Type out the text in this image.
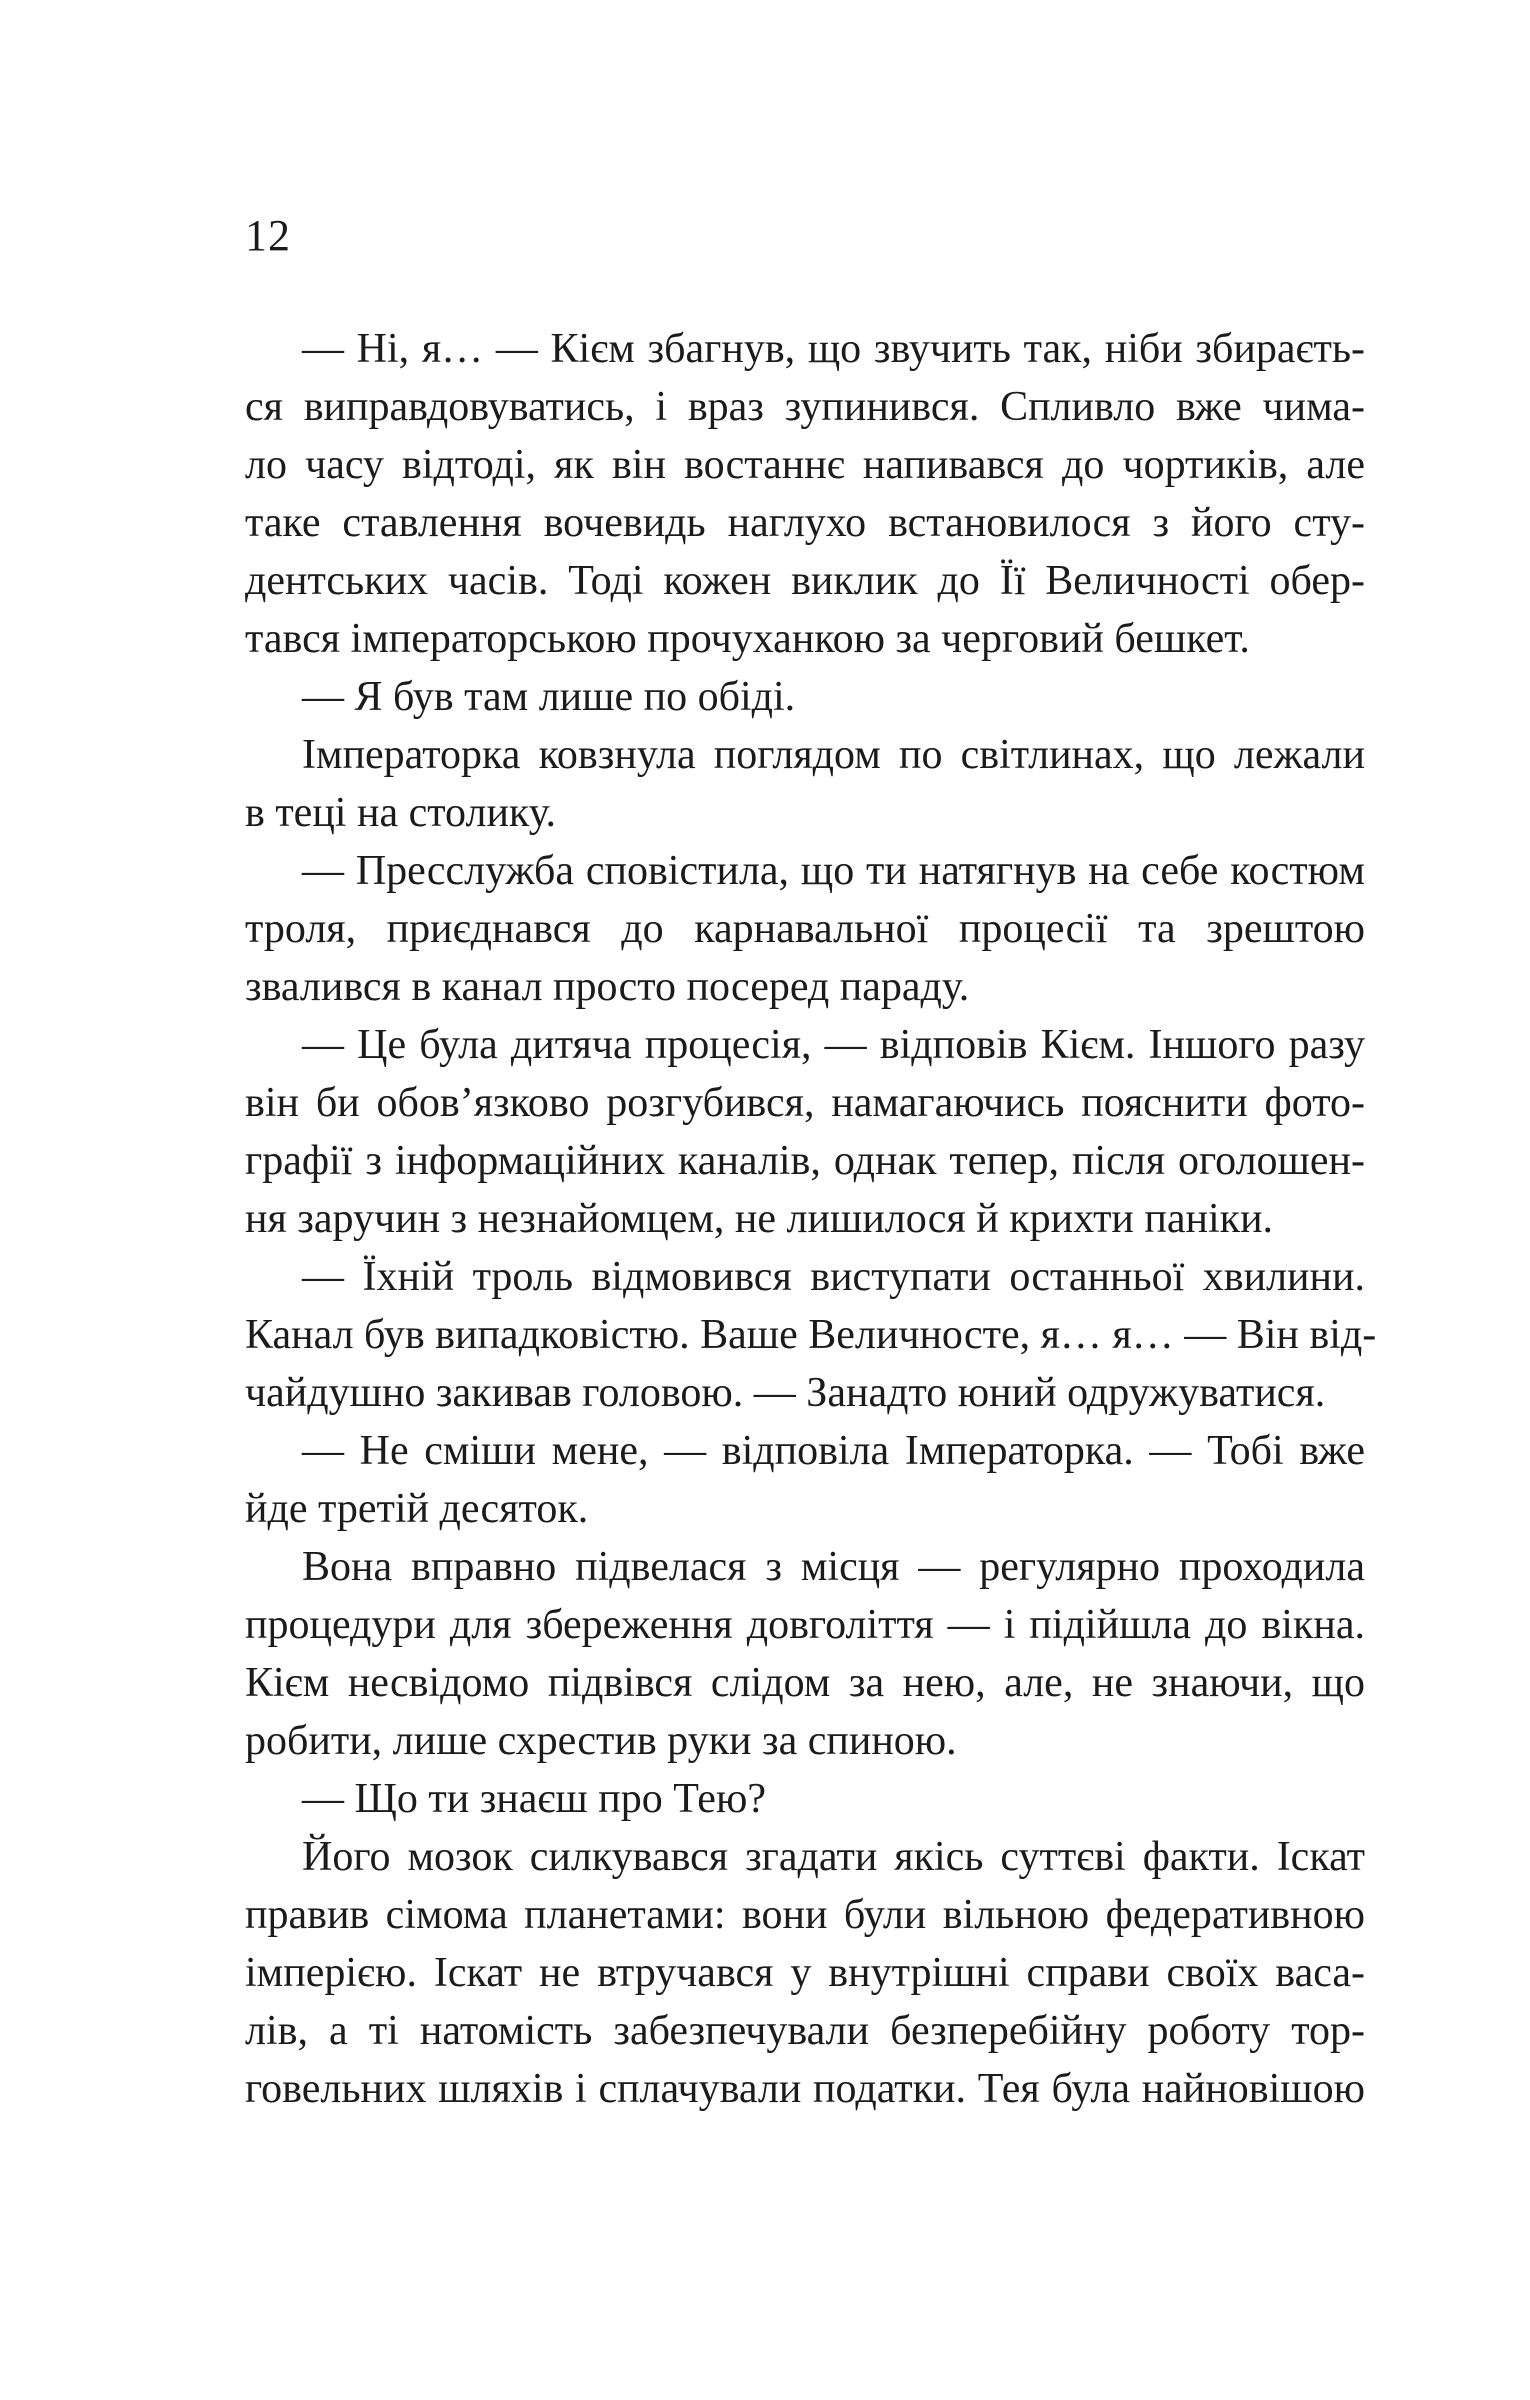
12
— Ні, я… — Кієм збагнув, що звучить так, ніби збираєть-
ся виправдовуватись, і враз зупинився. Спливло вже чима-
ло часу відтоді, як він востаннє напивався до чортиків, але
таке ставлення вочевидь наглухо встановилося з його сту-
дентських часів. Тоді кожен виклик до Її Величності обер-
тався імператорською прочуханкою за черговий бешкет.
— Я був там лише по обіді.
Імператорка ковзнула поглядом по світлинах, що лежали
в теці на столику.
— Пресслужба сповістила, що ти натягнув на себе костюм
троля, приєднався до карнавальної процесії та зрештою
звалився в канал просто посеред параду.
— Це була дитяча процесія, — відповів Кієм. Іншого разу
він би обов’язково розгубився, намагаючись пояснити фото-
графії з інформаційних каналів, однак тепер, після оголошен-
ня заручин з незнайомцем, не лишилося й крихти паніки.
— Їхній троль відмовився виступати останньої хвилини.
Канал був випадковістю. Ваше Величносте, я… я… — Він від-
чайдушно закивав головою. — Занадто юний одружуватися.
— Не сміши мене, — відповіла Імператорка. — Тобі вже
йде третій десяток.
Вона вправно підвелася з місця — регулярно проходила
процедури для збереження довголіття — і підійшла до вікна.
Кієм несвідомо підвівся слідом за нею, але, не знаючи, що
робити, лише схрестив руки за спиною.
— Що ти знаєш про Тею?
Його мозок силкувався згадати якісь суттєві факти. Іскат
правив сімома планетами: вони були вільною федеративною
імперією. Іскат не втручався у внутрішні справи своїх васа-
лів, а ті натомість забезпечували безперебійну роботу тор-
говельних шляхів і сплачували податки. Тея була найновішою
